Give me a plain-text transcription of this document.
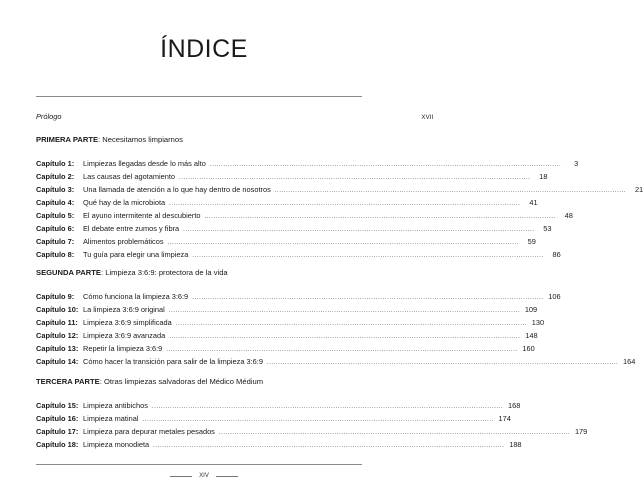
ÍNDICE
Prólogo	XVII
PRIMERA PARTE: Necesitamos limpiarnos
Capítulo 1:	Limpiezas llegadas desde lo más alto .....	3
Capítulo 2:	Las causas del agotamiento .....	18
Capítulo 3:	Una llamada de atención a lo que hay dentro de nosotros .....	21
Capítulo 4:	Qué hay de la microbiota .....	41
Capítulo 5:	El ayuno intermitente al descubierto .....	48
Capítulo 6:	El debate entre zumos y fibra .....	53
Capítulo 7:	Alimentos problemáticos .....	59
Capítulo 8:	Tu guía para elegir una limpieza .....	86
SEGUNDA PARTE: Limpieza 3:6:9: protectora de la vida
Capítulo 9:	Cómo funciona la limpieza 3:6:9 .....	106
Capítulo 10: La limpieza 3:6:9 original .....	109
Capítulo 11: Limpieza 3:6:9 simplificada .....	130
Capítulo 12: Limpieza 3:6:9 avanzada .....	148
Capítulo 13: Repetir la limpieza 3:6:9 .....	160
Capítulo 14: Cómo hacer la transición para salir de la limpieza 3:6:9 .....	164
TERCERA PARTE: Otras limpiezas salvadoras del Médico Médium
Capítulo 15: Limpieza antibichos .....	168
Capítulo 16: Limpieza matinal .....	174
Capítulo 17: Limpieza para depurar metales pesados .....	179
Capítulo 18: Limpieza monodieta .....	188
XIV
